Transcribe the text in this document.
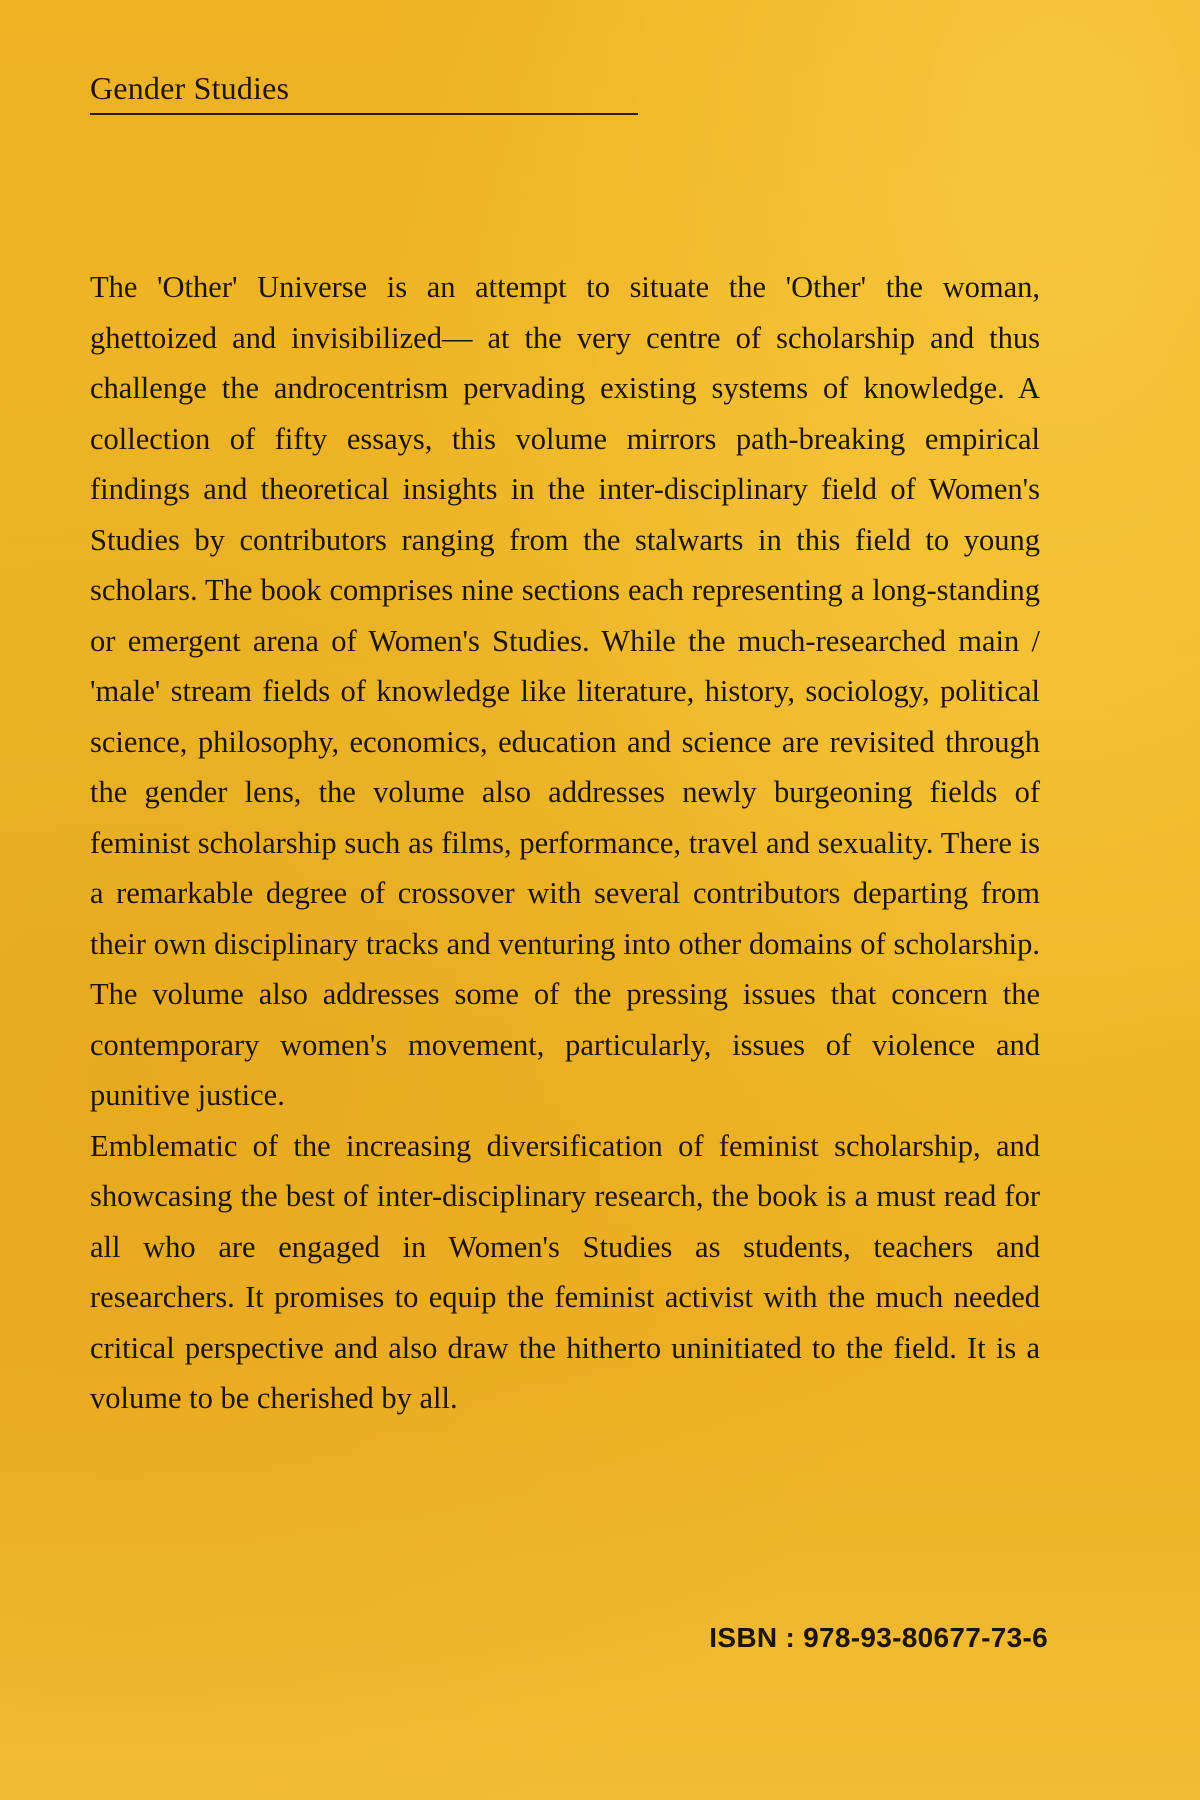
Gender Studies

The 'Other' Universe is an attempt to situate the 'Other' the woman, ghettoized and invisibilized— at the very centre of scholarship and thus challenge the androcentrism pervading existing systems of knowledge. A collection of fifty essays, this volume mirrors path-breaking empirical findings and theoretical insights in the inter-disciplinary field of Women's Studies by contributors ranging from the stalwarts in this field to young scholars. The book comprises nine sections each representing a long-standing or emergent arena of Women's Studies. While the much-researched main / 'male' stream fields of knowledge like literature, history, sociology, political science, philosophy, economics, education and science are revisited through the gender lens, the volume also addresses newly burgeoning fields of feminist scholarship such as films, performance, travel and sexuality. There is a remarkable degree of crossover with several contributors departing from their own disciplinary tracks and venturing into other domains of scholarship. The volume also addresses some of the pressing issues that concern the contemporary women's movement, particularly, issues of violence and punitive justice.

Emblematic of the increasing diversification of feminist scholarship, and showcasing the best of inter-disciplinary research, the book is a must read for all who are engaged in Women's Studies as students, teachers and researchers. It promises to equip the feminist activist with the much needed critical perspective and also draw the hitherto uninitiated to the field. It is a volume to be cherished by all.

ISBN : 978-93-80677-73-6
